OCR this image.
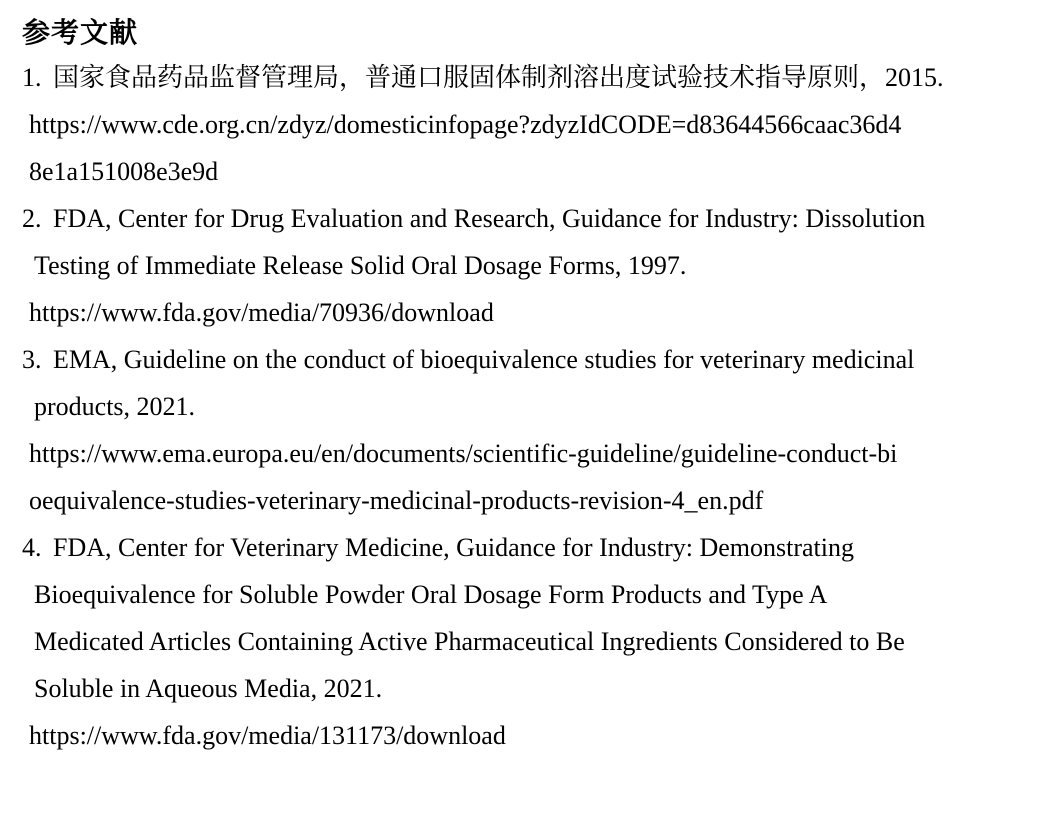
参考文献
1. 国家食品药品监督管理局，普通口服固体制剂溶出度试验技术指导原则，2015.
https://www.cde.org.cn/zdyz/domesticinfopage?zdyzIdCODE=d83644566caac36d4
8e1a151008e3e9d
2. FDA, Center for Drug Evaluation and Research, Guidance for Industry: Dissolution
Testing of Immediate Release Solid Oral Dosage Forms, 1997.
https://www.fda.gov/media/70936/download
3. EMA, Guideline on the conduct of bioequivalence studies for veterinary medicinal
products, 2021.
https://www.ema.europa.eu/en/documents/scientific-guideline/guideline-conduct-bi
oequivalence-studies-veterinary-medicinal-products-revision-4_en.pdf
4. FDA, Center for Veterinary Medicine, Guidance for Industry: Demonstrating
Bioequivalence for Soluble Powder Oral Dosage Form Products and Type A
Medicated Articles Containing Active Pharmaceutical Ingredients Considered to Be
Soluble in Aqueous Media, 2021.
https://www.fda.gov/media/131173/download
